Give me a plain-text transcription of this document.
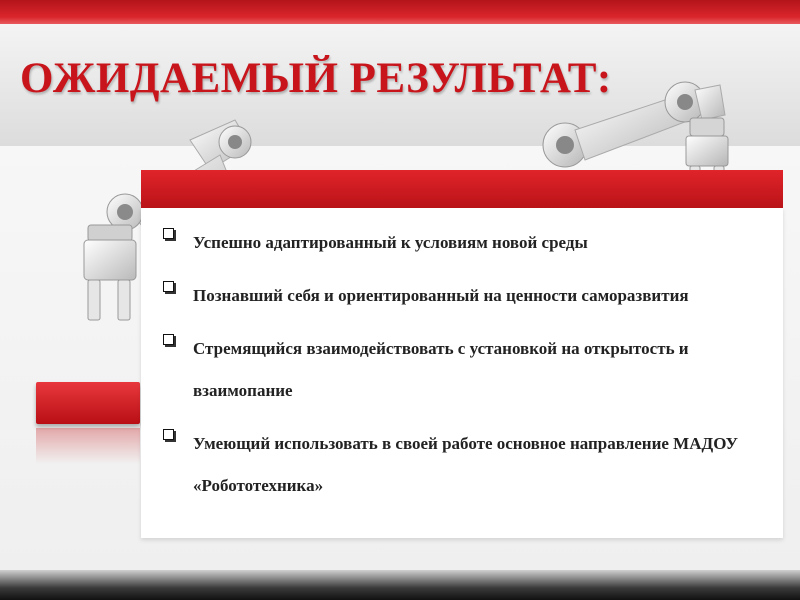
ОЖИДАЕМЫЙ РЕЗУЛЬТАТ:
Успешно адаптированный к условиям новой среды
Познавший себя и ориентированный на ценности саморазвития
Стремящийся взаимодействовать с установкой на открытость и взаимопание
Умеющий использовать в своей работе основное направление МАДОУ «Робототехника»
